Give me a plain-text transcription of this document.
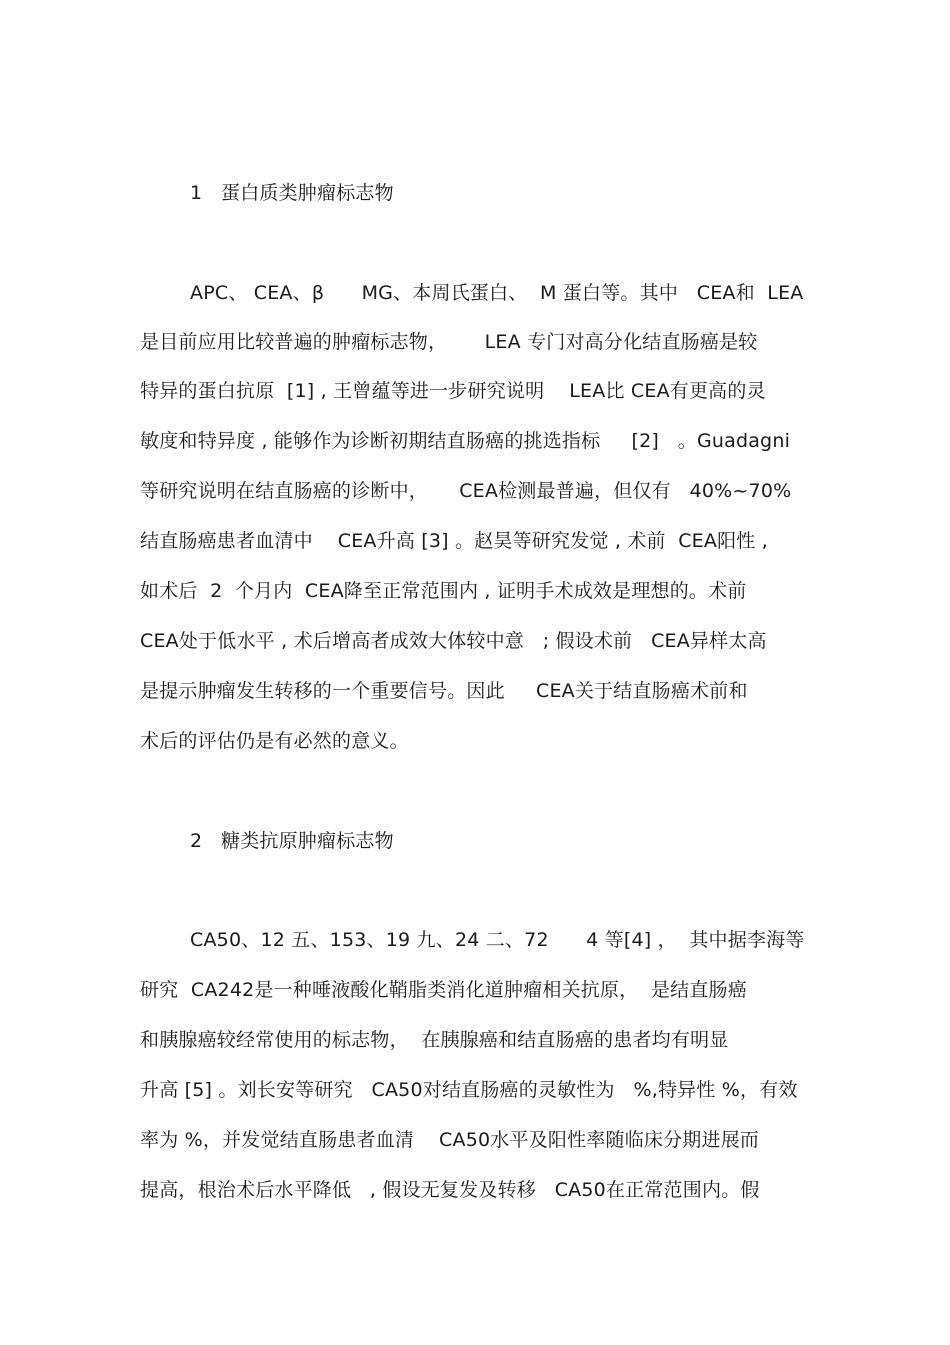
1   蛋白质类肿瘤标志物
APC、 CEA、β      MG、本周氏蛋白、  M 蛋白等。其中   CEA和  LEA
是目前应用比较普遍的肿瘤标志物，      LEA 专门对高分化结直肠癌是较
特异的蛋白抗原  [1] , 王曾蕴等进一步研究说明    LEA比 CEA有更高的灵
敏度和特异度 , 能够作为诊断初期结直肠癌的挑选指标     [2]   。Guadagni
等研究说明在结直肠癌的诊断中，     CEA检测最普遍，但仅有   40%~70%
结直肠癌患者血清中    CEA升高 [3] 。赵昊等研究发觉 , 术前  CEA阳性 ,
如术后  2  个月内  CEA降至正常范围内 , 证明手术成效是理想的。术前
CEA处于低水平 , 术后增高者成效大体较中意   ; 假设术前   CEA异样太高
是提示肿瘤发生转移的一个重要信号。因此     CEA关于结直肠癌术前和
术后的评估仍是有必然的意义。
2   糖类抗原肿瘤标志物
CA50、12 五、153、19 九、24 二、72      4 等[4] ，  其中据李海等
研究  CA242是一种唾液酸化鞘脂类消化道肿瘤相关抗原，  是结直肠癌
和胰腺癌较经常使用的标志物，  在胰腺癌和结直肠癌的患者均有明显
升高 [5] 。刘长安等研究   CA50对结直肠癌的灵敏性为   %,特异性 %，有效
率为 %，并发觉结直肠患者血清    CA50水平及阳性率随临床分期进展而
提高，根治术后水平降低   , 假设无复发及转移   CA50在正常范围内。假
